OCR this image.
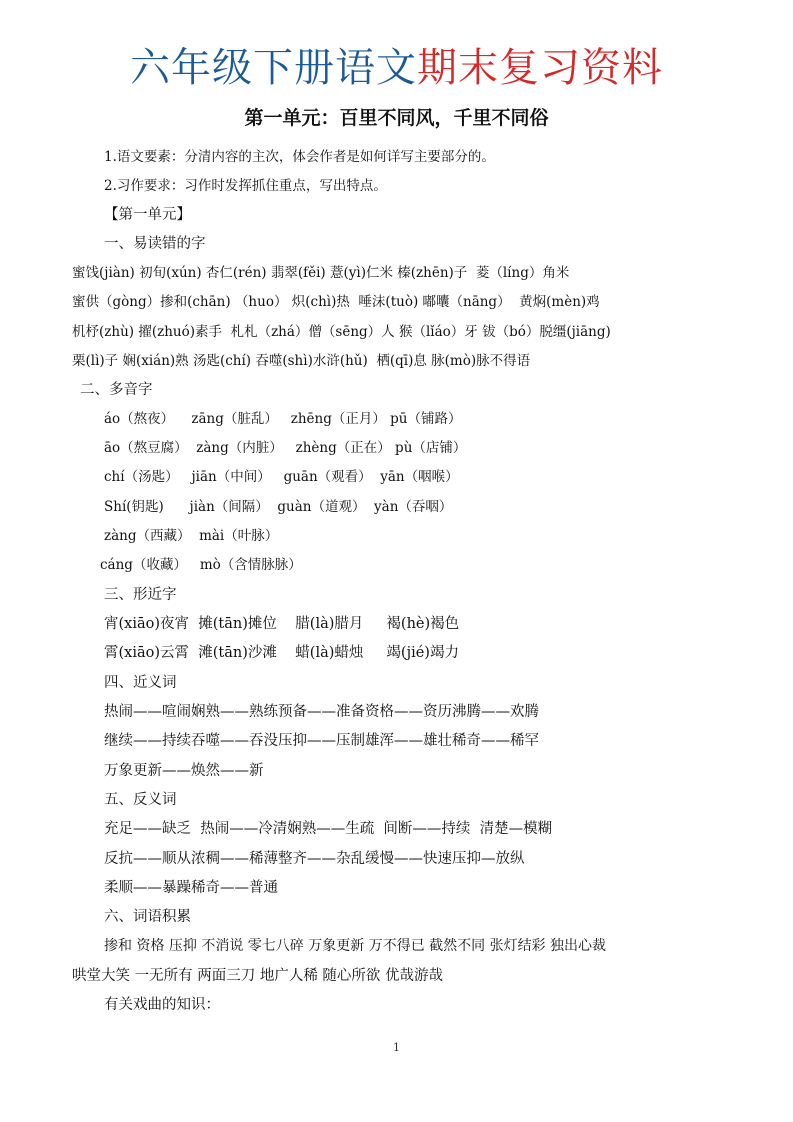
六年级下册语文期末复习资料
第一单元：百里不同风，千里不同俗
1.语文要素：分清内容的主次，体会作者是如何详写主要部分的。
2.习作要求：习作时发挥抓住重点，写出特点。
【第一单元】
一、易读错的字
蜜饯(jiàn) 初旬(xún) 杏仁(rén) 翡翠(fěi) 薏(yì)仁米 榛(zhēn)子  菱（líng）角米
蜜供（gòng）掺和(chān) （huo） 炽(chì)热  唾沫(tuò) 嘟囔（nāng）  黄焖(mèn)鸡
机杼(zhù) 擢(zhuó)素手  札札（zhá）僧（sēng）人 猴（lǐáo）牙 钹（bó）脱缰(jiāng)
栗(lì)子 娴(xián)熟 汤匙(chí) 吞噬(shì)水浒(hǔ)  栖(qī)息 脉(mò)脉不得语
二、多音字
áo（熬夜）    zāng（脏乱）   zhēng（正月） pū（铺路）
āo（熬豆腐）  zàng（内脏）   zhèng（正在） pù（店铺）
chí（汤匙）   jiān（中间）   guān（观看）  yān（咽喉）
Shí(钥匙)      jiàn（间隔）  guàn（道观）  yàn（吞咽）
zàng（西藏）  mài（叶脉）
cáng（收藏）   mò（含情脉脉）
三、形近字
宵(xiāo)夜宵  摊(tān)摊位    腊(là)腊月     褐(hè)褐色
霄(xiāo)云霄  滩(tān)沙滩    蜡(là)蜡烛     竭(jié)竭力
四、近义词
热闹——喧闹娴熟——熟练预备——准备资格——资历沸腾——欢腾
继续——持续吞噬——吞没压抑——压制雄浑——雄壮稀奇——稀罕
万象更新——焕然——新
五、反义词
充足——缺乏  热闹——冷清娴熟——生疏  间断——持续  清楚—模糊
反抗——顺从浓稠——稀薄整齐——杂乱缓慢——快速压抑—放纵
柔顺——暴躁稀奇——普通
六、词语积累
掺和 资格 压抑 不消说 零七八碎 万象更新 万不得已 截然不同 张灯结彩 独出心裁
哄堂大笑 一无所有 两面三刀 地广人稀 随心所欲 优哉游哉
有关戏曲的知识：
1
